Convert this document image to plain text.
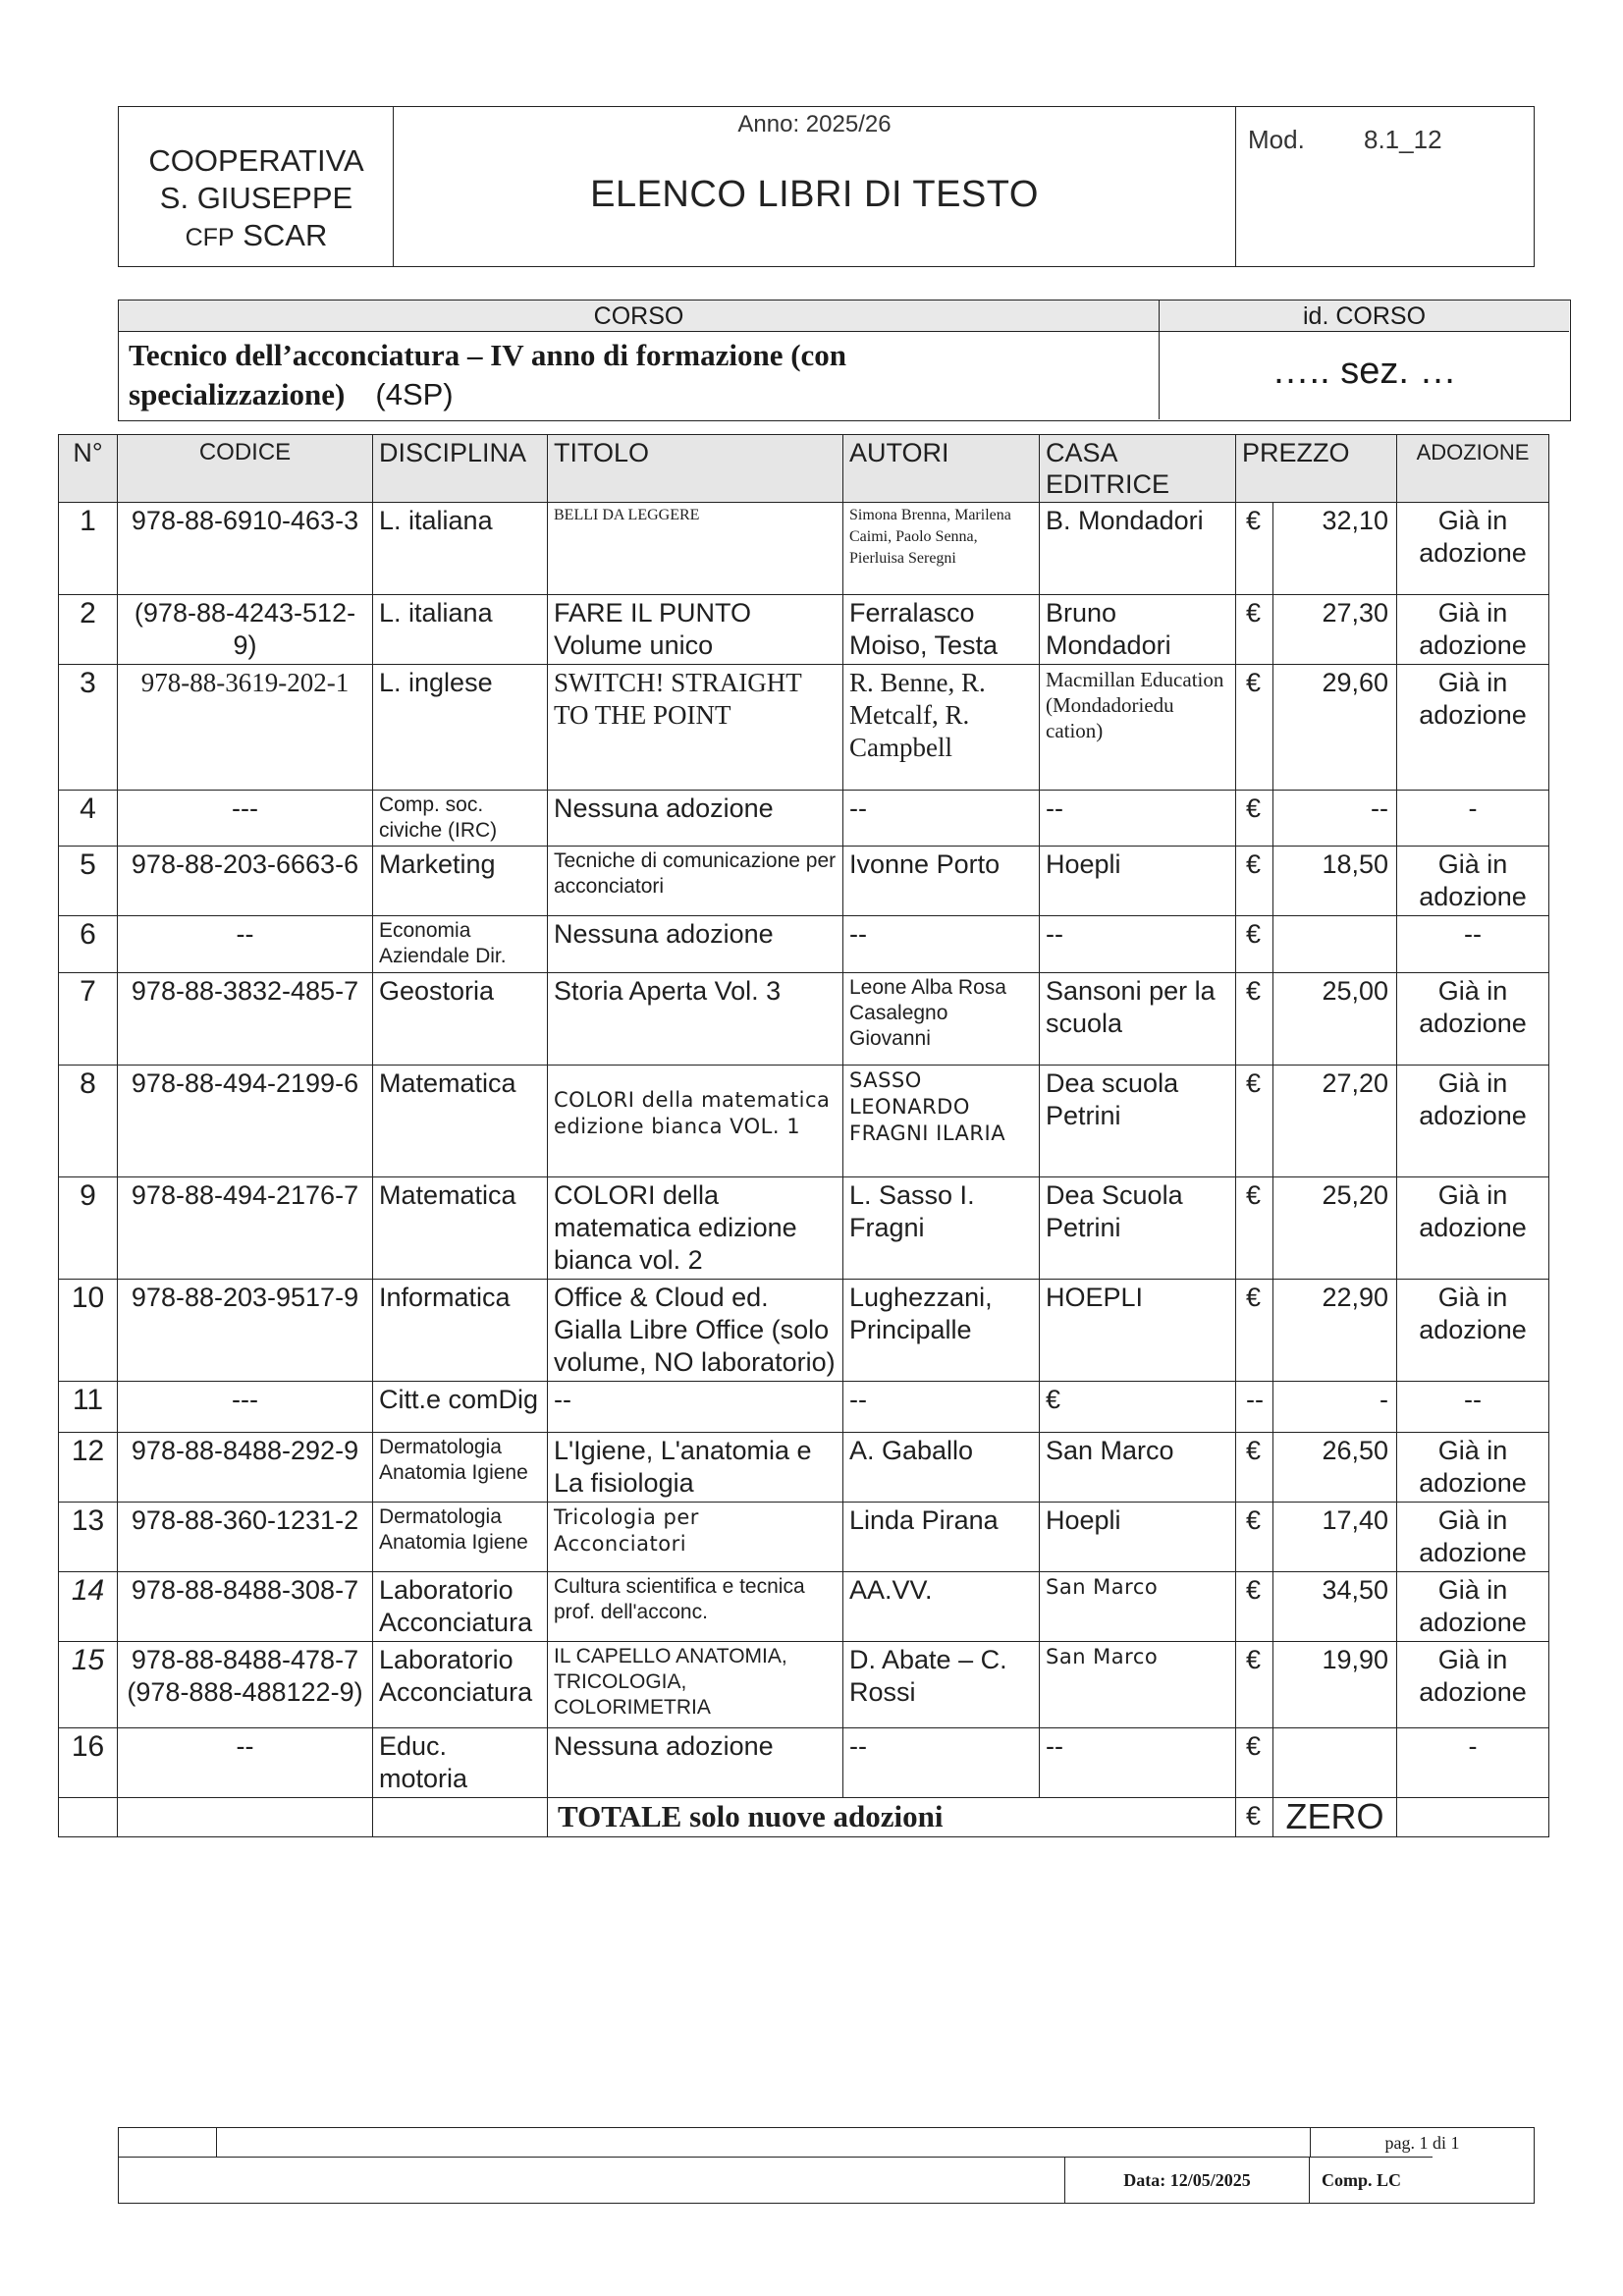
COOPERATIVA
S. GIUSEPPE
CFP SCAR
Anno: 2025/26
ELENCO LIBRI DI TESTO
Mod. 8.1_12
CORSO	id. CORSO
Tecnico dell’acconciatura – IV anno di formazione (con specializzazione) (4SP)
….. sez. …
N°	CODICE	DISCIPLINA	TITOLO	AUTORI	CASA EDITRICE	PREZZO		ADOZIONE
1	978-88-6910-463-3	L. italiana	BELLI DA LEGGERE	Simona Brenna, Marilena Caimi, Paolo Senna, Pierluisa Seregni	B. Mondadori	€	32,10	Già in adozione
2	(978-88-4243-512-9)	L. italiana	FARE IL PUNTO Volume unico	Ferralasco Moiso, Testa	Bruno Mondadori	€	27,30	Già in adozione
3	978-88-3619-202-1	L. inglese	SWITCH! STRAIGHT TO THE POINT	R. Benne, R. Metcalf, R. Campbell	Macmillan Education (Mondadoriedu cation)	€	29,60	Già in adozione
4	---	Comp. soc. civiche (IRC)	Nessuna adozione	--	--	€	--	-
5	978-88-203-6663-6	Marketing	Tecniche di comunicazione per acconciatori	Ivonne Porto	Hoepli	€	18,50	Già in adozione
6	--	Economia Aziendale Dir.	Nessuna adozione	--	--	€		--
7	978-88-3832-485-7	Geostoria	Storia Aperta Vol. 3	Leone Alba Rosa Casalegno Giovanni	Sansoni per la scuola	€	25,00	Già in adozione
8	978-88-494-2199-6	Matematica	COLORI della matematica edizione bianca VOL. 1	SASSO LEONARDO FRAGNI ILARIA	Dea scuola Petrini	€	27,20	Già in adozione
9	978-88-494-2176-7	Matematica	COLORI della matematica edizione bianca vol. 2	L. Sasso I. Fragni	Dea Scuola Petrini	€	25,20	Già in adozione
10	978-88-203-9517-9	Informatica	Office & Cloud ed. Gialla Libre Office (solo volume, NO laboratorio)	Lughezzani, Principalle	HOEPLI	€	22,90	Già in adozione
11	---	Citt.e comDig	--	--	€	--	-	--
12	978-88-8488-292-9	Dermatologia Anatomia Igiene	L'Igiene, L'anatomia e La fisiologia	A. Gaballo	San Marco	€	26,50	Già in adozione
13	978-88-360-1231-2	Dermatologia Anatomia Igiene	Tricologia per Acconciatori	Linda Pirana	Hoepli	€	17,40	Già in adozione
14	978-88-8488-308-7	Laboratorio Acconciatura	Cultura scientifica e tecnica prof. dell'acconc.	AA.VV.	San Marco	€	34,50	Già in adozione
15	978-88-8488-478-7 (978-888-488122-9)	Laboratorio Acconciatura	IL CAPELLO ANATOMIA, TRICOLOGIA, COLORIMETRIA	D. Abate – C. Rossi	San Marco	€	19,90	Già in adozione
16	--	Educ. motoria	Nessuna adozione	--	--	€		-
			TOTALE solo nuove adozioni			€	ZERO	
pag. 1 di 1
Data: 12/05/2025	Comp. LC
